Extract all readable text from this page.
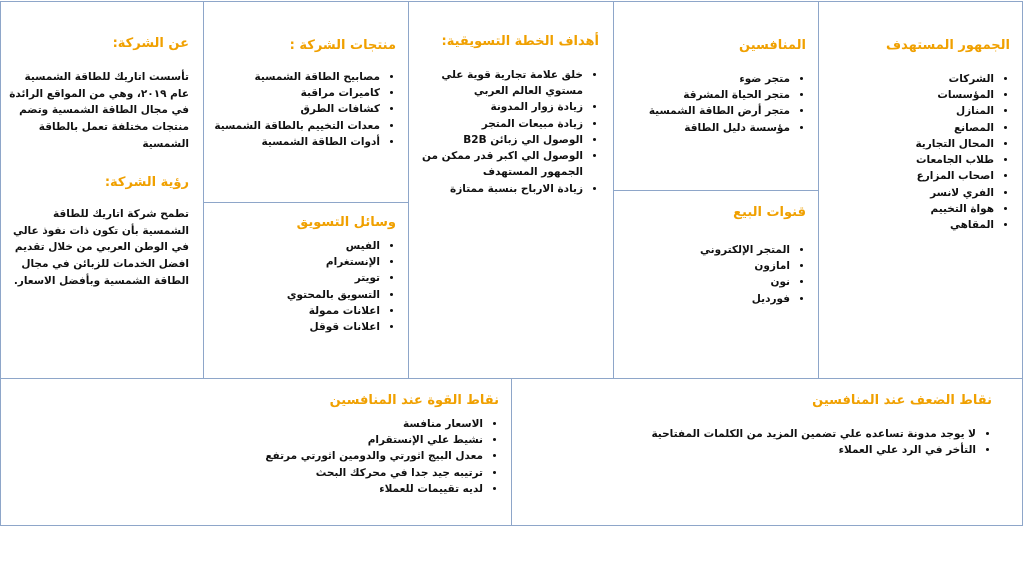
الجمهور المستهدف
• الشركات
• المؤسسات
• المنازل
• المصانع
• المحال التجارية
• طلاب الجامعات
• اصحاب المزارع
• الفري لانسر
• هواة التخييم
• المقاهي
المنافسين
• متجر ضوء
• متجر الحياة المشرقة
• متجر أرض الطاقة الشمسية
• مؤسسة دليل الطاقة
قنوات البيع
• المتجر الإلكتروني
• امازون
• نون
• فورديل
أهداف الخطة التسويقية:
• خلق علامة تجارية قوية علي مستوي العالم العربي
• زيادة زوار المدونة
• زيادة مبيعات المتجر
• الوصول الي زبائن B2B
• الوصول الي اكبر قدر ممكن من الجمهور المستهدف
• زيادة الارباح بنسبة ممتازة
منتجات الشركة :
• مصابيح الطاقة الشمسية
• كاميرات مراقبة
• كشافات الطرق
• معدات التخييم بالطاقة الشمسية
• أدوات الطاقة الشمسية
وسائل التسويق
• الفيس
• الإنستغرام
• تويتر
• التسويق بالمحتوي
• اعلانات ممولة
• اعلانات قوقل
عن الشركة:

تأسست اتاريك للطاقة الشمسية عام ٢٠١٩، وهي من المواقع الرائدة في مجال الطاقة الشمسية وتضم منتجات مختلفة تعمل بالطاقة الشمسية

رؤية الشركة:

تطمح شركة اتاريك للطاقة الشمسية بأن تكون ذات نفوذ عالي في الوطن العربي من خلال تقديم افضل الخدمات للزبائن في مجال الطاقة الشمسية وبأفضل الاسعار.

نقاط الضعف عند المنافسين
• لا يوجد مدونة تساعده علي تضمين المزيد من الكلمات المفتاحية
• التأخر في الرد علي العملاء
نقاط القوة عند المنافسين
• الاسعار منافسة
• نشيط علي الإنستقرام
• معدل البيج اثورتي والدومين اثورتي مرتفع
• ترتيبه جيد جدا في محركك البحث
• لديه تقييمات للعملاء
